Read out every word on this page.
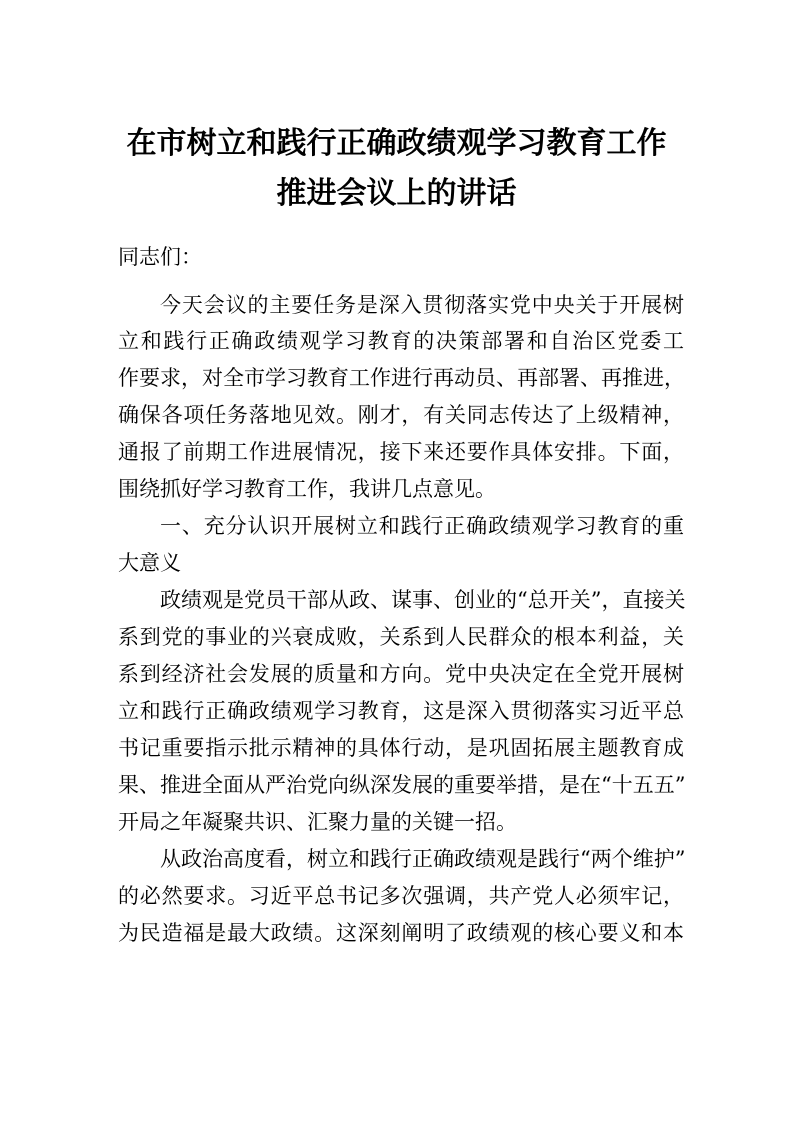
在市树立和践行正确政绩观学习教育工作
推进会议上的讲话
同志们：
今天会议的主要任务是深入贯彻落实党中央关于开展树
立和践行正确政绩观学习教育的决策部署和自治区党委工
作要求，对全市学习教育工作进行再动员、再部署、再推进，
确保各项任务落地见效。刚才，有关同志传达了上级精神，
通报了前期工作进展情况，接下来还要作具体安排。下面，
围绕抓好学习教育工作，我讲几点意见。
一、充分认识开展树立和践行正确政绩观学习教育的重
大意义
政绩观是党员干部从政、谋事、创业的“总开关”，直接关
系到党的事业的兴衰成败，关系到人民群众的根本利益，关
系到经济社会发展的质量和方向。党中央决定在全党开展树
立和践行正确政绩观学习教育，这是深入贯彻落实习近平总
书记重要指示批示精神的具体行动，是巩固拓展主题教育成
果、推进全面从严治党向纵深发展的重要举措，是在“十五五”
开局之年凝聚共识、汇聚力量的关键一招。
从政治高度看，树立和践行正确政绩观是践行“两个维护”
的必然要求。习近平总书记多次强调，共产党人必须牢记，
为民造福是最大政绩。这深刻阐明了政绩观的核心要义和本
